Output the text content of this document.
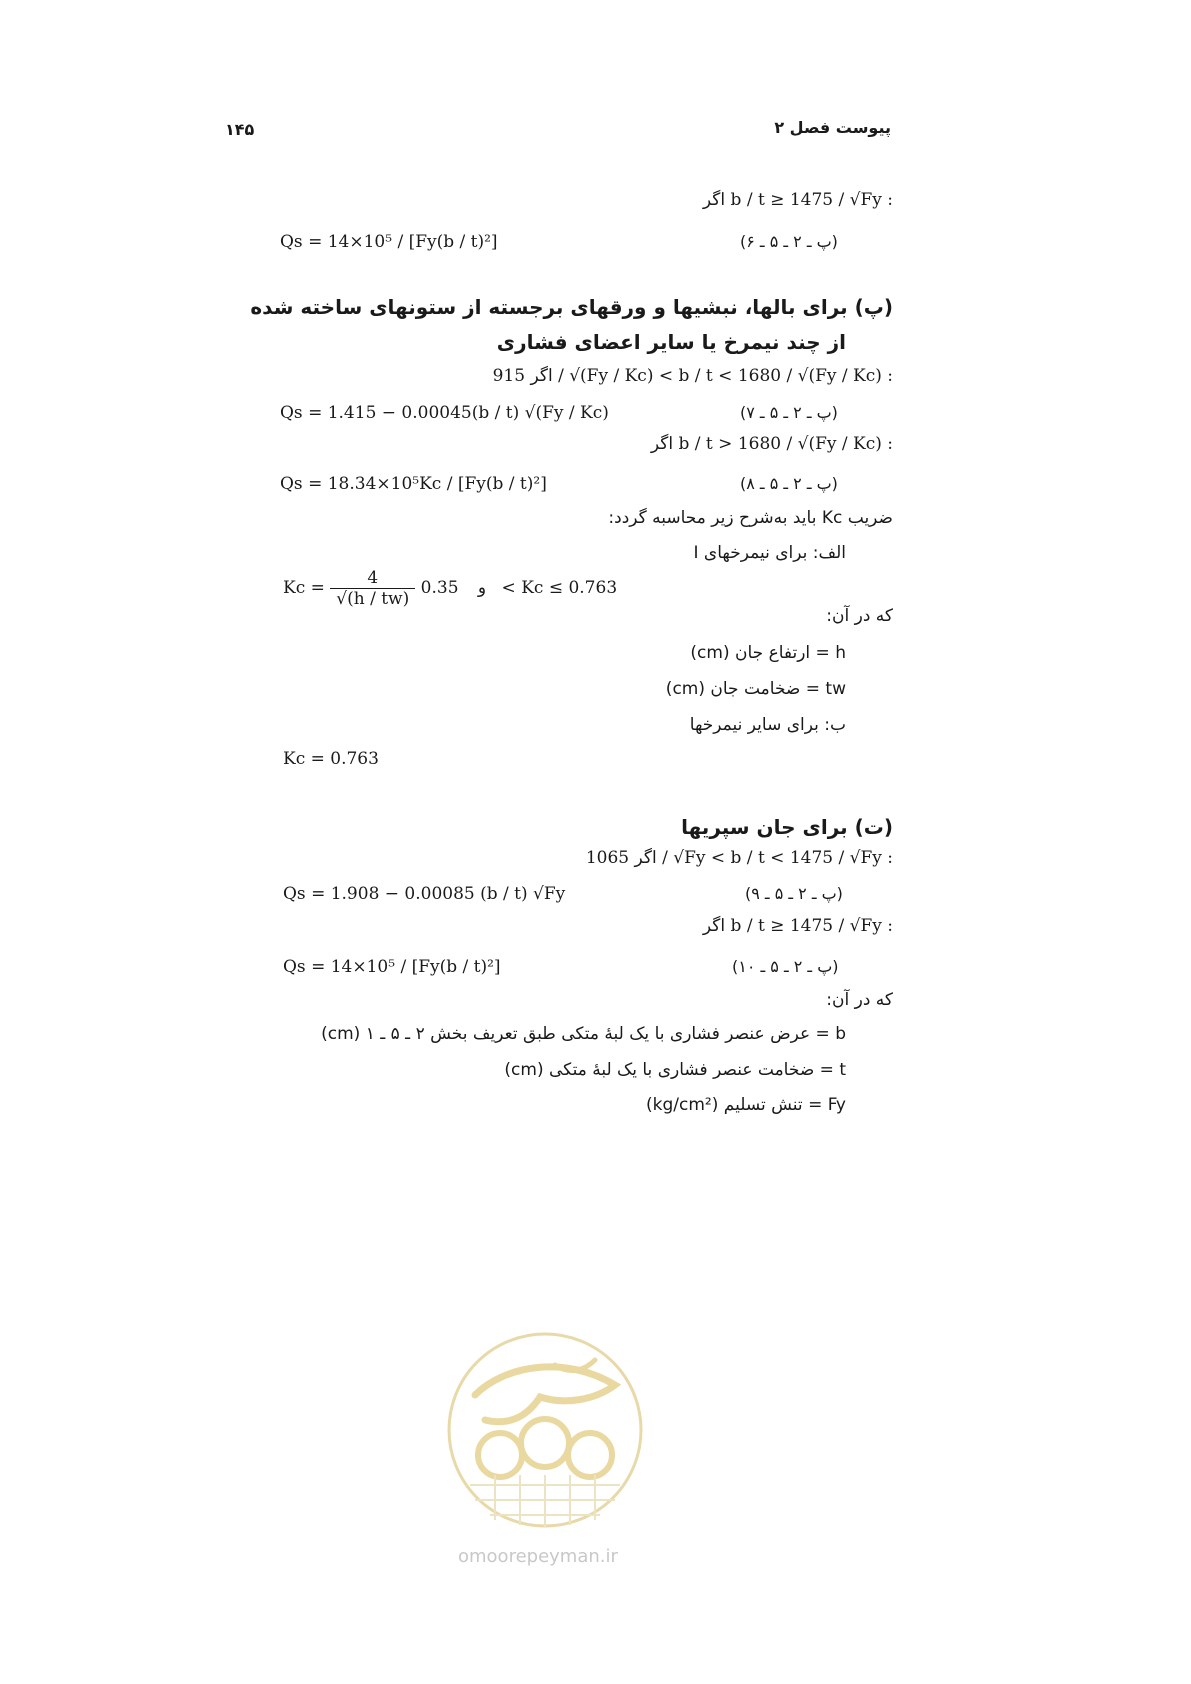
۱۴۵	پیوست فصل ۲
اگر b / t ≥ 1475 / √Fy :
Qs = 14×10⁵ / [Fy(b / t)²]	(پ ـ ۲ ـ ۵ ـ ۶)
(پ) برای بالها، نبشیها و ورقهای برجسته از ستونهای ساخته شده
از چند نیمرخ یا سایر اعضای فشاری
اگر 915 / √(Fy / Kc) < b / t < 1680 / √(Fy / Kc) :
Qs = 1.415 − 0.00045(b / t) √(Fy / Kc)	(پ ـ ۲ ـ ۵ ـ ۷)
اگر b / t > 1680 / √(Fy / Kc) :
Qs = 18.34×10⁵Kc / [Fy(b / t)²]	(پ ـ ۲ ـ ۵ ـ ۸)
ضریب Kc باید به‌شرح زیر محاسبه گردد:
الف: برای نیمرخهای I
$Kc = \frac{4}{√(h / tw)}$	و 0.35 < Kc ≤ 0.763
که در آن:
h = ارتفاع جان (cm)
tw = ضخامت جان (cm)
ب: برای سایر نیمرخها
Kc = 0.763
(ت) برای جان سپریها
اگر 1065 / √Fy < b / t < 1475 / √Fy :
Qs = 1.908 − 0.00085 (b / t) √Fy	(پ ـ ۲ ـ ۵ ـ ۹)
اگر b / t ≥ 1475 / √Fy :
Qs = 14×10⁵ / [Fy(b / t)²]	(پ ـ ۲ ـ ۵ ـ ۱۰)
که در آن:
b = عرض عنصر فشاری با یک لبهٔ متکی طبق تعریف بخش ۲ ـ ۵ ـ ۱ (cm)
t = ضخامت عنصر فشاری با یک لبهٔ متکی (cm)
Fy = تنش تسلیم (kg/cm²)
omoorepeyman.ir
